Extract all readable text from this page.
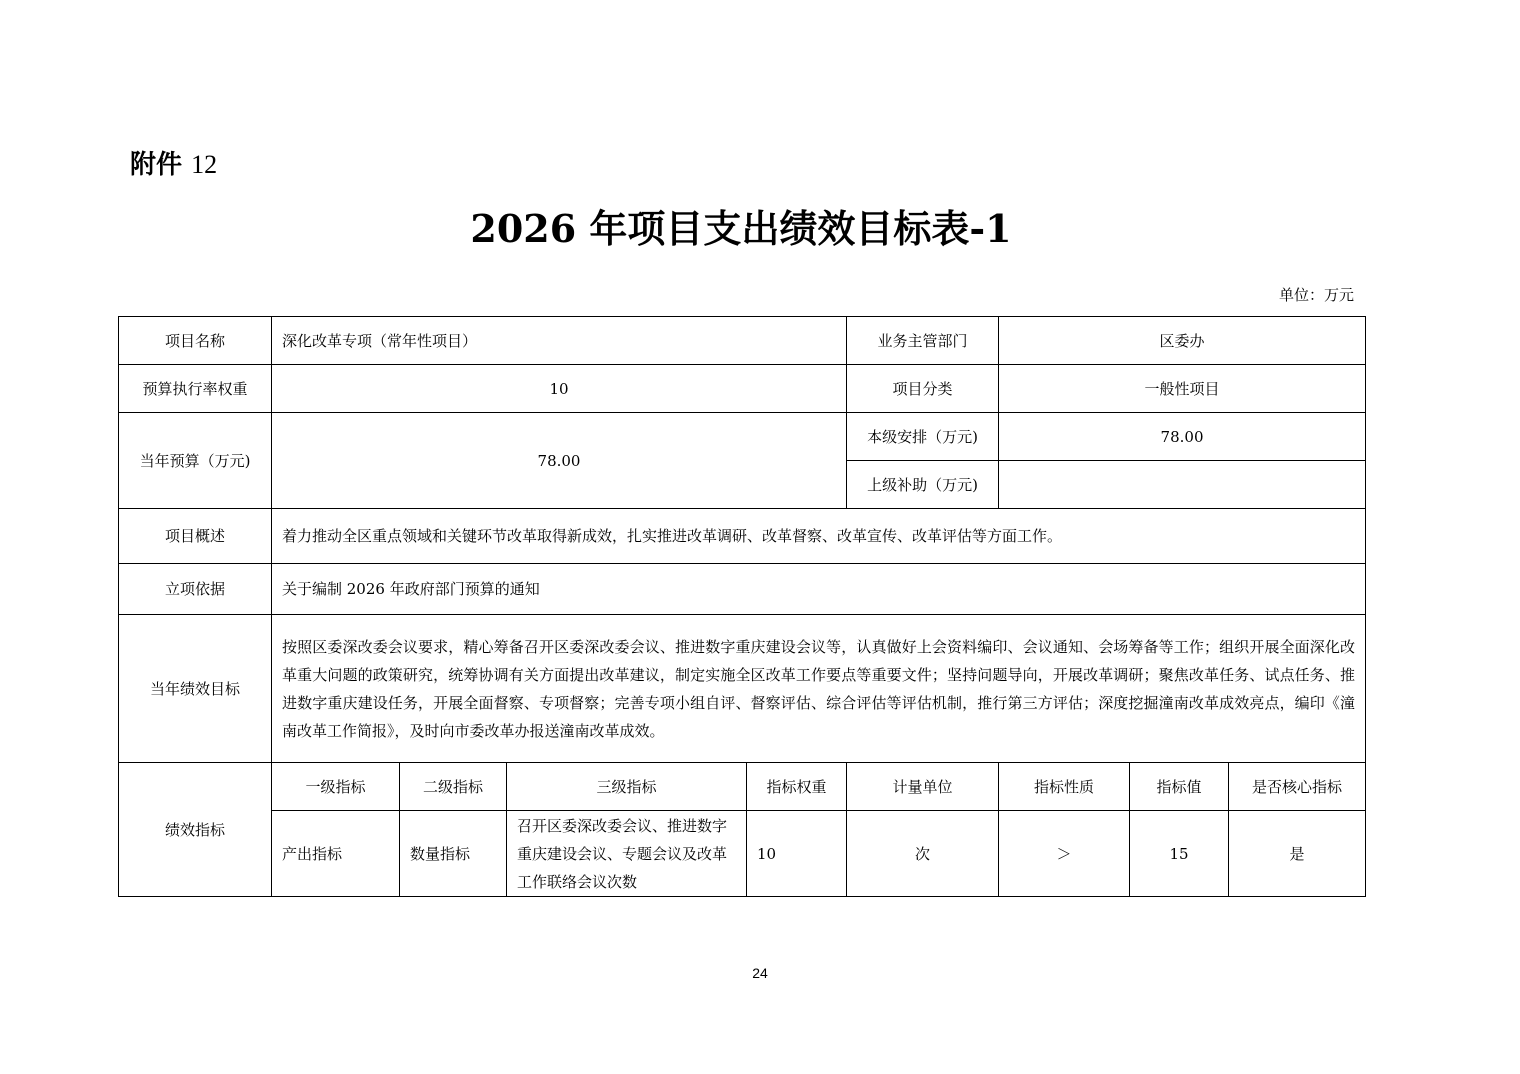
附件 12
2026 年项目支出绩效目标表-1
单位：万元
项目名称	深化改革专项（常年性项目）				业务主管部门	区委办		
预算执行率权重	10				项目分类	一般性项目		
当年预算（万元)	78.00				本级安排（万元)	78.00		
					上级补助（万元)			
项目概述	着力推动全区重点领域和关键环节改革取得新成效，扎实推进改革调研、改革督察、改革宣传、改革评估等方面工作。							
立项依据	关于编制 2026 年政府部门预算的通知							
当年绩效目标	按照区委深改委会议要求，精心筹备召开区委深改委会议、推进数字重庆建设会议等，认真做好上会资料编印、会议通知、会场筹备等工作；组织开展全面深化改革重大问题的政策研究，统筹协调有关方面提出改革建议，制定实施全区改革工作要点等重要文件；坚持问题导向，开展改革调研；聚焦改革任务、试点任务、推进数字重庆建设任务，开展全面督察、专项督察；完善专项小组自评、督察评估、综合评估等评估机制，推行第三方评估；深度挖掘潼南改革成效亮点，编印《潼南改革工作简报》，及时向市委改革办报送潼南改革成效。							
绩效指标	一级指标	二级指标	三级指标	指标权重	计量单位	指标性质	指标值	是否核心指标
	产出指标	数量指标	召开区委深改委会议、推进数字重庆建设会议、专题会议及改革工作联络会议次数	10	次	＞	15	是
24
